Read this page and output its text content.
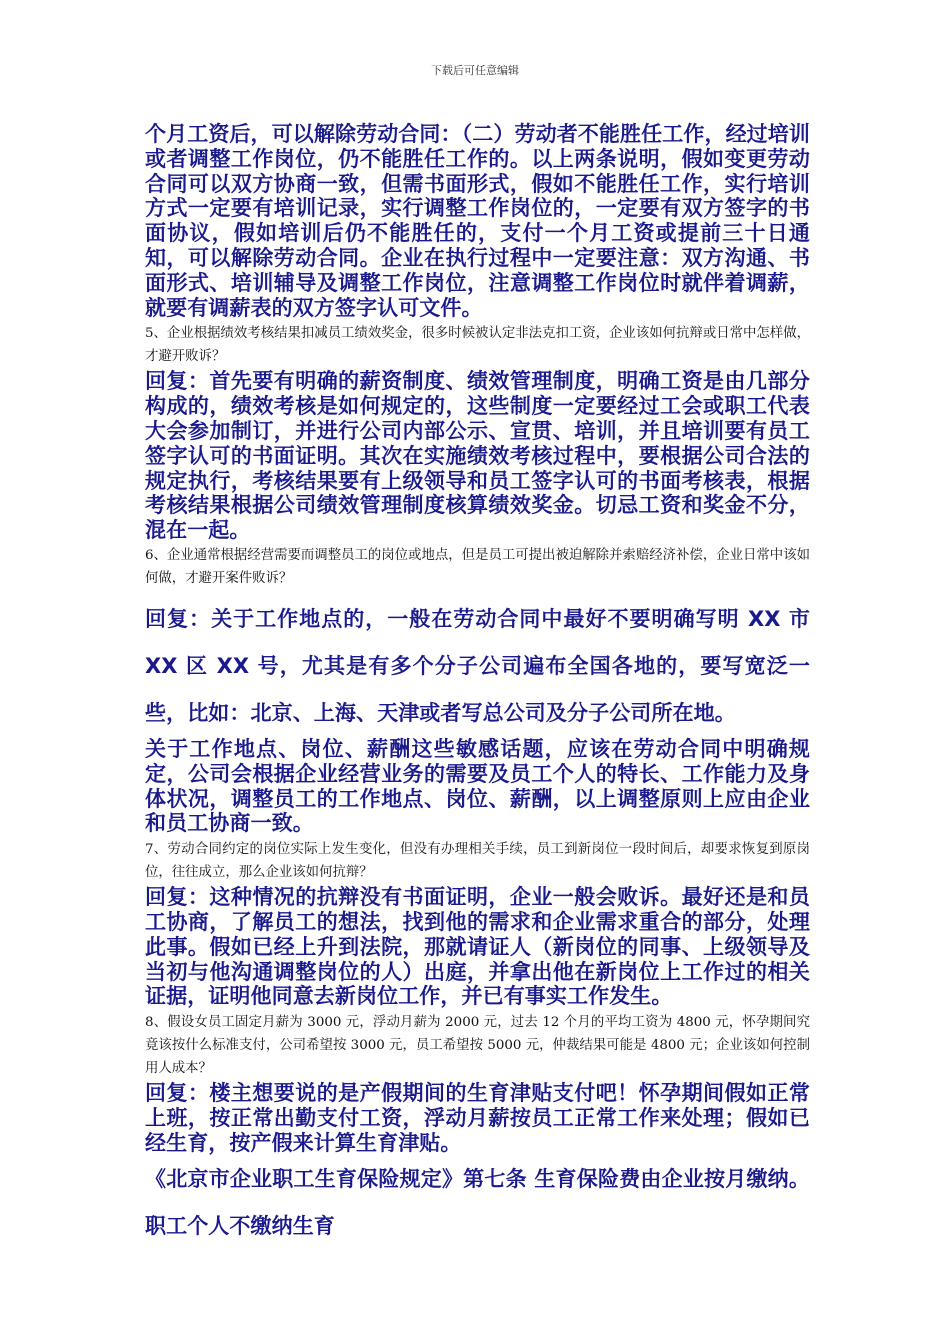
下载后可任意编辑

个月工资后，可以解除劳动合同：（二）劳动者不能胜任工作，经过培训或者调整工作岗位，仍不能胜任工作的。以上两条说明，假如变更劳动合同可以双方协商一致，但需书面形式，假如不能胜任工作，实行培训方式一定要有培训记录，实行调整工作岗位的，一定要有双方签字的书面协议，假如培训后仍不能胜任的，支付一个月工资或提前三十日通知，可以解除劳动合同。企业在执行过程中一定要注意：双方沟通、书面形式、培训辅导及调整工作岗位，注意调整工作岗位时就伴着调薪，就要有调薪表的双方签字认可文件。

5、企业根据绩效考核结果扣减员工绩效奖金，很多时候被认定非法克扣工资，企业该如何抗辩或日常中怎样做，才避开败诉？

回复：首先要有明确的薪资制度、绩效管理制度，明确工资是由几部分构成的，绩效考核是如何规定的，这些制度一定要经过工会或职工代表大会参加制订，并进行公司内部公示、宣贯、培训，并且培训要有员工签字认可的书面证明。其次在实施绩效考核过程中，要根据公司合法的规定执行，考核结果要有上级领导和员工签字认可的书面考核表，根据考核结果根据公司绩效管理制度核算绩效奖金。切忌工资和奖金不分，混在一起。

6、企业通常根据经营需要而调整员工的岗位或地点，但是员工可提出被迫解除并索赔经济补偿，企业日常中该如何做，才避开案件败诉？

回复：关于工作地点的，一般在劳动合同中最好不要明确写明 XX 市 XX 区 XX 号，尤其是有多个分子公司遍布全国各地的，要写宽泛一些，比如：北京、上海、天津或者写总公司及分子公司所在地。

关于工作地点、岗位、薪酬这些敏感话题，应该在劳动合同中明确规定，公司会根据企业经营业务的需要及员工个人的特长、工作能力及身体状况，调整员工的工作地点、岗位、薪酬，以上调整原则上应由企业和员工协商一致。

7、劳动合同约定的岗位实际上发生变化，但没有办理相关手续，员工到新岗位一段时间后，却要求恢复到原岗位，往往成立，那么企业该如何抗辩？

回复：这种情况的抗辩没有书面证明，企业一般会败诉。最好还是和员工协商，了解员工的想法，找到他的需求和企业需求重合的部分，处理此事。假如已经上升到法院，那就请证人（新岗位的同事、上级领导及当初与他沟通调整岗位的人）出庭，并拿出他在新岗位上工作过的相关证据，证明他同意去新岗位工作，并已有事实工作发生。

8、假设女员工固定月薪为 3000 元，浮动月薪为 2000 元，过去 12 个月的平均工资为 4800 元，怀孕期间究竟该按什么标准支付，公司希望按 3000 元，员工希望按 5000 元，仲裁结果可能是 4800 元；企业该如何控制用人成本？

回复：楼主想要说的是产假期间的生育津贴支付吧！怀孕期间假如正常上班，按正常出勤支付工资，浮动月薪按员工正常工作来处理；假如已经生育，按产假来计算生育津贴。

《北京市企业职工生育保险规定》第七条 生育保险费由企业按月缴纳。职工个人不缴纳生育
